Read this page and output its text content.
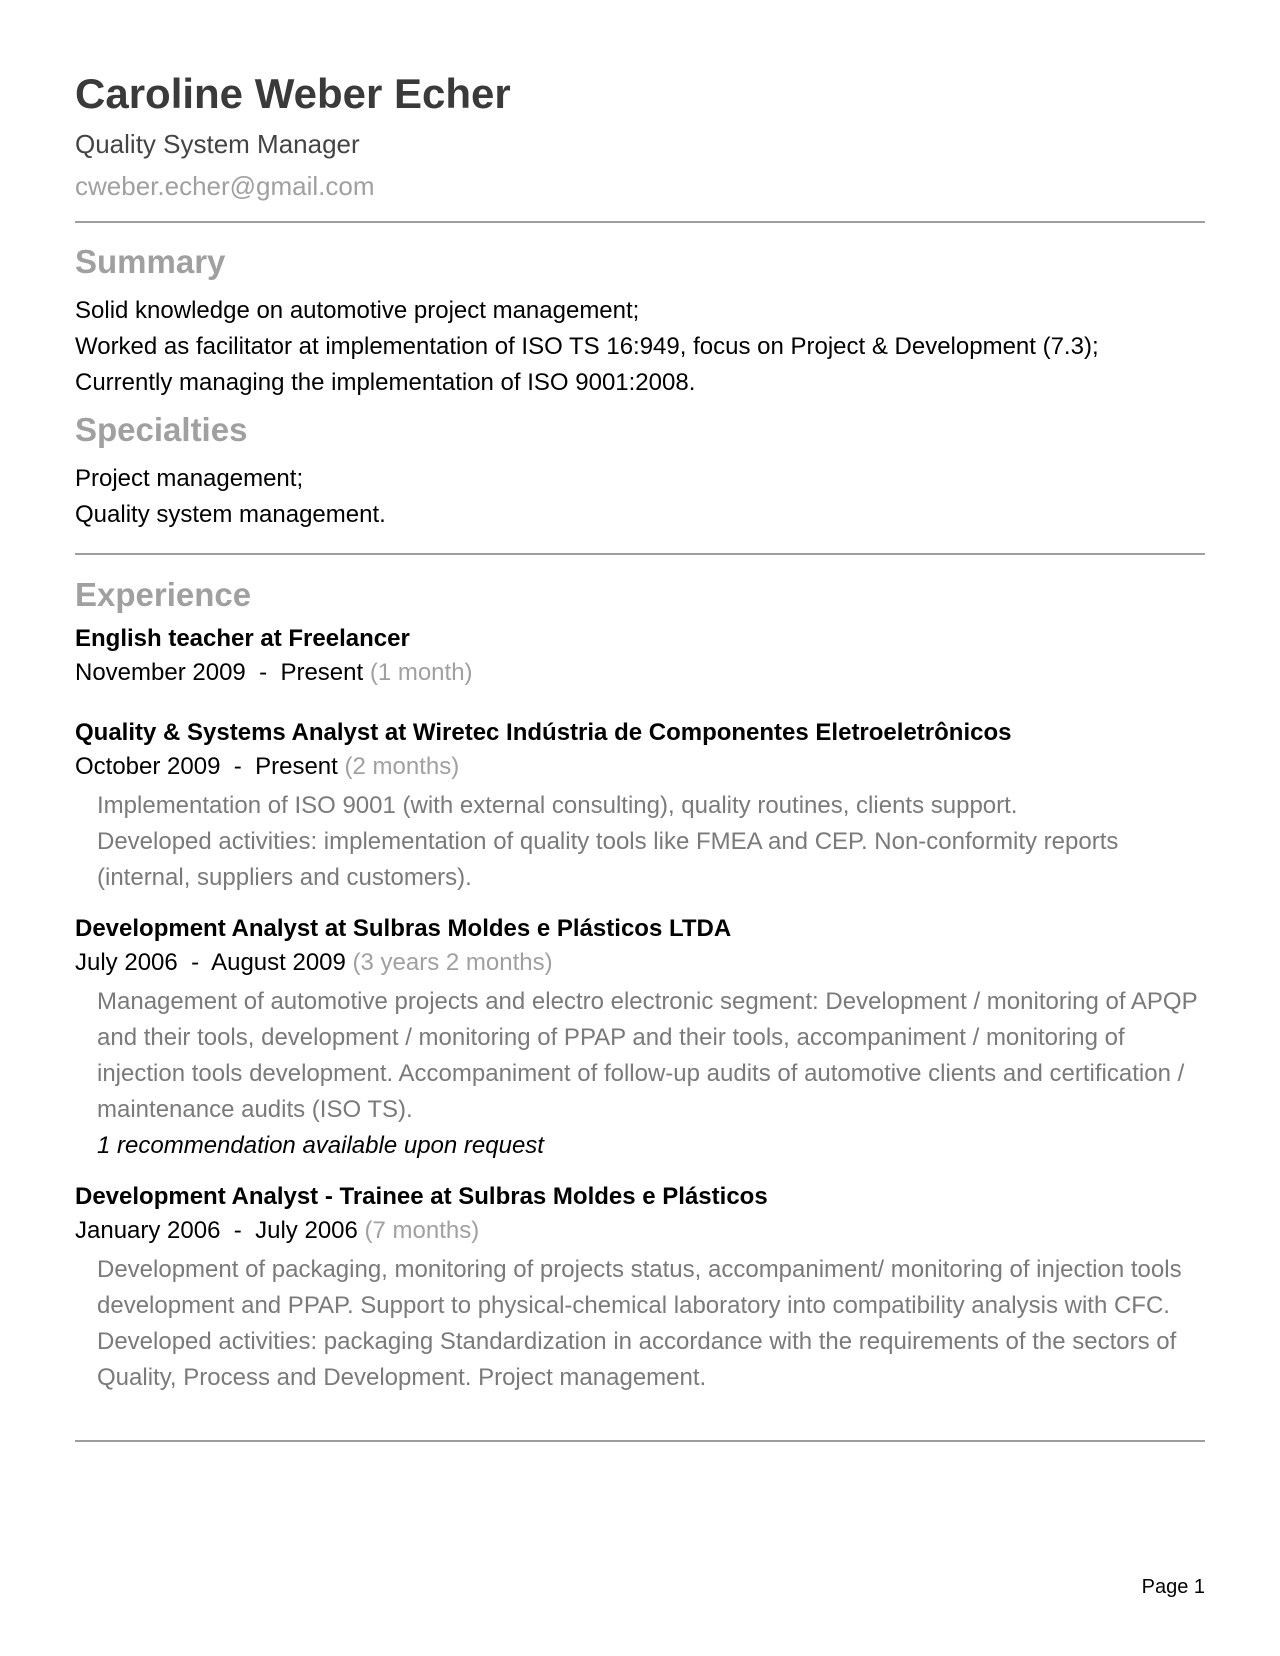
Caroline Weber Echer
Quality System Manager
cweber.echer@gmail.com
Summary
Solid knowledge on automotive project management;
Worked as facilitator at implementation of ISO TS 16:949, focus on Project & Development (7.3);
Currently managing the implementation of ISO 9001:2008.
Specialties
Project management;
Quality system management.
Experience
English teacher at Freelancer
November 2009  -  Present (1 month)
Quality & Systems Analyst at Wiretec Indústria de Componentes Eletroeletrônicos
October 2009  -  Present (2 months)
Implementation of ISO 9001 (with external consulting), quality routines, clients support.
Developed activities: implementation of quality tools like FMEA and CEP. Non-conformity reports (internal, suppliers and customers).
Development Analyst at Sulbras Moldes e Plásticos LTDA
July 2006  -  August 2009 (3 years 2 months)
Management of automotive projects and electro electronic segment: Development / monitoring of APQP and their tools, development / monitoring of PPAP and their tools, accompaniment / monitoring of injection tools development. Accompaniment of follow-up audits of automotive clients and certification / maintenance audits (ISO TS).
1 recommendation available upon request
Development Analyst - Trainee at Sulbras Moldes e Plásticos
January 2006  -  July 2006 (7 months)
Development of packaging, monitoring of projects status, accompaniment/ monitoring of injection tools development and PPAP. Support to physical-chemical laboratory into compatibility analysis with CFC.
Developed activities: packaging Standardization in accordance with the requirements of the sectors of Quality, Process and Development. Project management.
Page 1
